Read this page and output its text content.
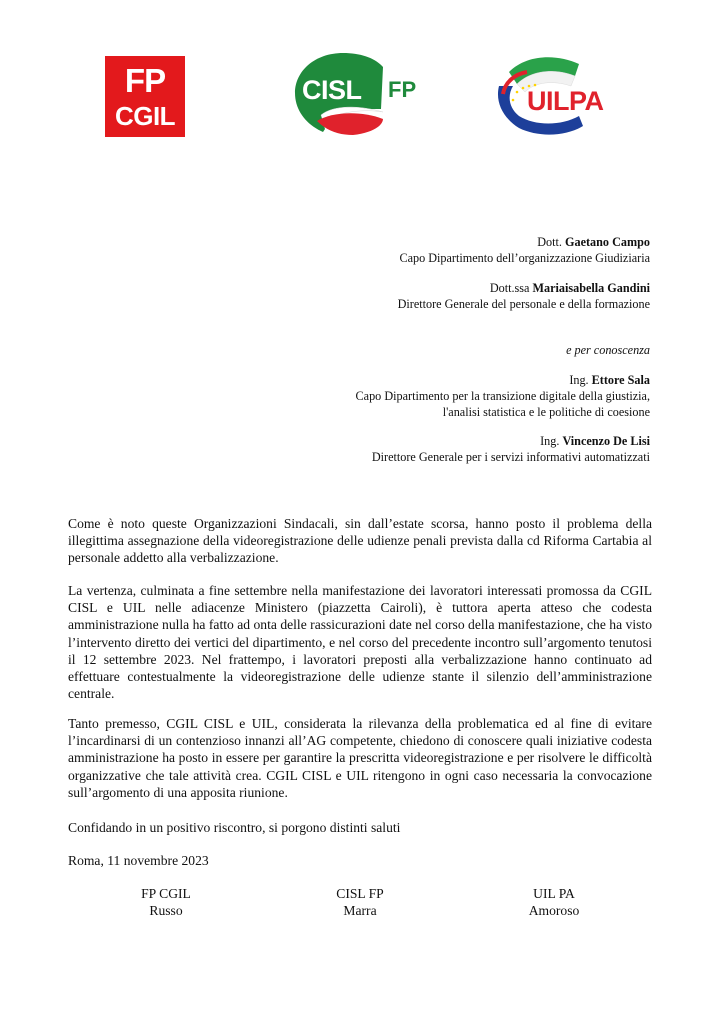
FP
CGIL
CISL FP	UILPA
Dott. Gaetano Campo
Capo Dipartimento dell’organizzazione Giudiziaria
Dott.ssa Mariaisabella Gandini
Direttore Generale del personale e della formazione
e per conoscenza
Ing. Ettore Sala
Capo Dipartimento per la transizione digitale della giustizia,
l'analisi statistica e le politiche di coesione
Ing. Vincenzo De Lisi
Direttore Generale per i servizi informativi automatizzati

Come è noto queste Organizzazioni Sindacali, sin dall’estate scorsa, hanno posto il problema della illegittima assegnazione della videoregistrazione delle udienze penali prevista dalla cd Riforma Cartabia al personale addetto alla verbalizzazione.

La vertenza, culminata a fine settembre nella manifestazione dei lavoratori interessati promossa da CGIL CISL e UIL nelle adiacenze Ministero (piazzetta Cairoli), è tuttora aperta atteso che codesta amministrazione nulla ha fatto ad onta delle rassicurazioni date nel corso della manifestazione, che ha visto l’intervento diretto dei vertici del dipartimento, e nel corso del precedente incontro sull’argomento tenutosi il 12 settembre 2023. Nel frattempo, i lavoratori preposti alla verbalizzazione hanno continuato ad effettuare contestualmente la videoregistrazione delle udienze stante il silenzio dell’amministrazione centrale.

Tanto premesso, CGIL CISL e UIL, considerata la rilevanza della problematica ed al fine di evitare l’incardinarsi di un contenzioso innanzi all’AG competente, chiedono di conoscere quali iniziative codesta amministrazione ha posto in essere per garantire la prescritta videoregistrazione e per risolvere le difficoltà organizzative che tale attività crea. CGIL CISL e UIL ritengono in ogni caso necessaria la convocazione sull’argomento di una apposita riunione.

Confidando in un positivo riscontro, si porgono distinti saluti
Roma, 11 novembre 2023
FP CGIL
Russo
CISL FP
Marra
UIL PA
Amoroso
